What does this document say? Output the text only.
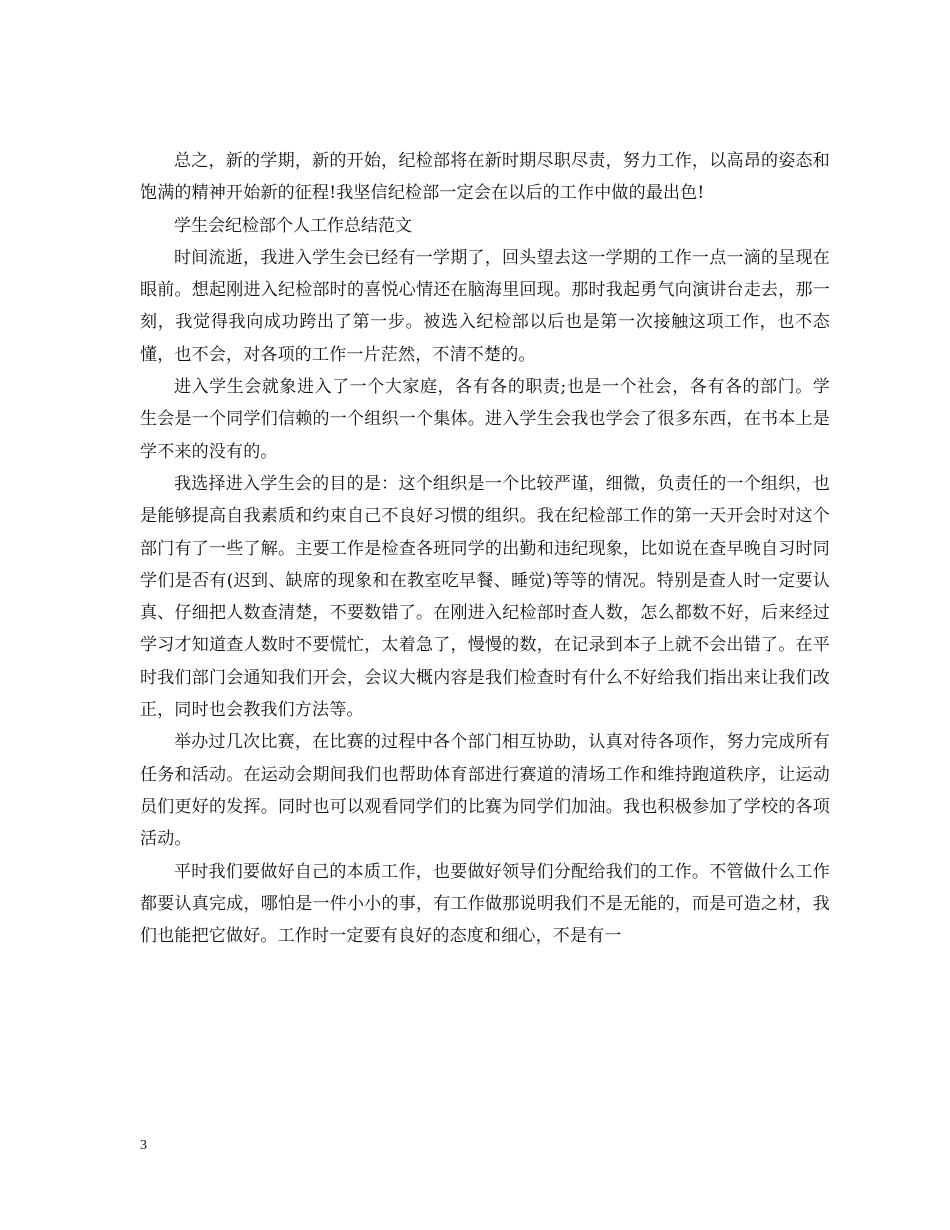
总之，新的学期，新的开始，纪检部将在新时期尽职尽责，努力工作，以高昂的姿态和饱满的精神开始新的征程!我坚信纪检部一定会在以后的工作中做的最出色!

学生会纪检部个人工作总结范文

时间流逝，我进入学生会已经有一学期了，回头望去这一学期的工作一点一滴的呈现在眼前。想起刚进入纪检部时的喜悦心情还在脑海里回现。那时我起勇气向演讲台走去，那一刻，我觉得我向成功跨出了第一步。被选入纪检部以后也是第一次接触这项工作，也不态懂，也不会，对各项的工作一片茫然，不清不楚的。

进入学生会就象进入了一个大家庭，各有各的职责;也是一个社会，各有各的部门。学生会是一个同学们信赖的一个组织一个集体。进入学生会我也学会了很多东西，在书本上是学不来的没有的。

我选择进入学生会的目的是：这个组织是一个比较严谨，细微，负责任的一个组织，也是能够提高自我素质和约束自己不良好习惯的组织。我在纪检部工作的第一天开会时对这个部门有了一些了解。主要工作是检查各班同学的出勤和违纪现象，比如说在查早晚自习时同学们是否有(迟到、缺席的现象和在教室吃早餐、睡觉)等等的情况。特别是查人时一定要认真、仔细把人数查清楚，不要数错了。在刚进入纪检部时查人数，怎么都数不好，后来经过学习才知道查人数时不要慌忙，太着急了，慢慢的数，在记录到本子上就不会出错了。在平时我们部门会通知我们开会，会议大概内容是我们检查时有什么不好给我们指出来让我们改正，同时也会教我们方法等。

举办过几次比赛，在比赛的过程中各个部门相互协助，认真对待各项作，努力完成所有任务和活动。在运动会期间我们也帮助体育部进行赛道的清场工作和维持跑道秩序，让运动员们更好的发挥。同时也可以观看同学们的比赛为同学们加油。我也积极参加了学校的各项活动。

平时我们要做好自己的本质工作，也要做好领导们分配给我们的工作。不管做什么工作都要认真完成，哪怕是一件小小的事，有工作做那说明我们不是无能的，而是可造之材，我们也能把它做好。工作时一定要有良好的态度和细心，不是有一

3
